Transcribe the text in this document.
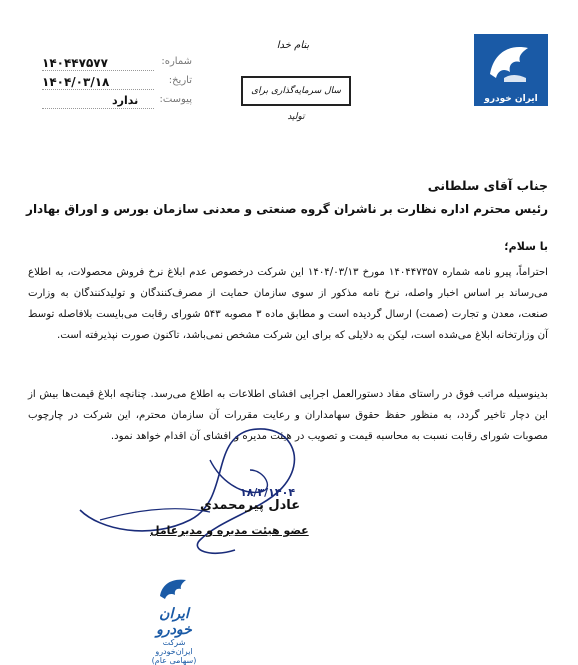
۱۴۰۴۴۷۵۷۷	شماره:
۱۴۰۴/۰۳/۱۸	تاریخ:
ندارد پیوست:
بنام خدا
سال سرمایه‌گذاری برای تولید
ایران خودرو
جناب آقای سلطانی
رئیس محترم اداره نظارت بر ناشران گروه صنعتی و معدنی سازمان بورس و اوراق بهادار
با سلام؛
احتراماً، پیرو نامه شماره ۱۴۰۴۴۷۳۵۷ مورخ ۱۴۰۴/۰۳/۱۳ این شرکت درخصوص عدم ابلاغ نرخ فروش محصولات، به اطلاع می‌رساند بر اساس اخبار واصله، نرخ نامه مذکور از سوی سازمان حمایت از مصرف‌کنندگان و تولیدکنندگان به وزارت صنعت، معدن و تجارت (صمت) ارسال گردیده است و مطابق ماده ۳ مصوبه ۵۴۳ شورای رقابت می‌بایست بلافاصله توسط آن وزارتخانه ابلاغ می‌شده است، لیکن به دلایلی که برای این شرکت مشخص نمی‌باشد، تاکنون صورت نپذیرفته است.
بدینوسیله مراتب فوق در راستای مفاد دستورالعمل اجرایی افشای اطلاعات به اطلاع می‌رسد. چنانچه ابلاغ قیمت‌ها بیش از این دچار تاخیر گردد، به منظور حفظ حقوق سهامداران و رعایت مقررات آن سازمان محترم، این شرکت در چارچوب مصوبات شورای رقابت نسبت به محاسبه قیمت و تصویب در هیئت مدیره و افشای آن اقدام خواهد نمود.
۱۸/۳/۱۴۰۴
عادل پیرمحمدی
عضو هیئت مدیره و مدیرعامل
ایران خودرو
شرکت ایران‌خودرو
(سهامی عام)
